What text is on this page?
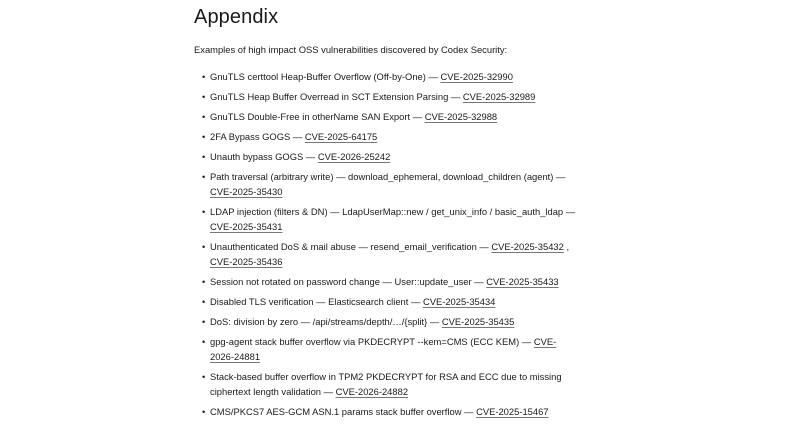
Appendix

Examples of high impact OSS vulnerabilities discovered by Codex Security:

• GnuTLS certtool Heap-Buffer Overflow (Off-by-One) — CVE-2025-32990
• GnuTLS Heap Buffer Overread in SCT Extension Parsing — CVE-2025-32989
• GnuTLS Double-Free in otherName SAN Export — CVE-2025-32988
• 2FA Bypass GOGS — CVE-2025-64175
• Unauth bypass GOGS — CVE-2026-25242
• Path traversal (arbitrary write) — download_ephemeral, download_children (agent) — CVE-2025-35430
• LDAP injection (filters & DN) — LdapUserMap::new / get_unix_info / basic_auth_ldap — CVE-2025-35431
• Unauthenticated DoS & mail abuse — resend_email_verification — CVE-2025-35432 , CVE-2025-35436
• Session not rotated on password change — User::update_user — CVE-2025-35433
• Disabled TLS verification — Elasticsearch client — CVE-2025-35434
• DoS: division by zero — /api/streams/depth/…/{split} — CVE-2025-35435
• gpg-agent stack buffer overflow via PKDECRYPT --kem=CMS (ECC KEM) — CVE-2026-24881
• Stack-based buffer overflow in TPM2 PKDECRYPT for RSA and ECC due to missing ciphertext length validation — CVE-2026-24882
• CMS/PKCS7 AES-GCM ASN.1 params stack buffer overflow — CVE-2025-15467
